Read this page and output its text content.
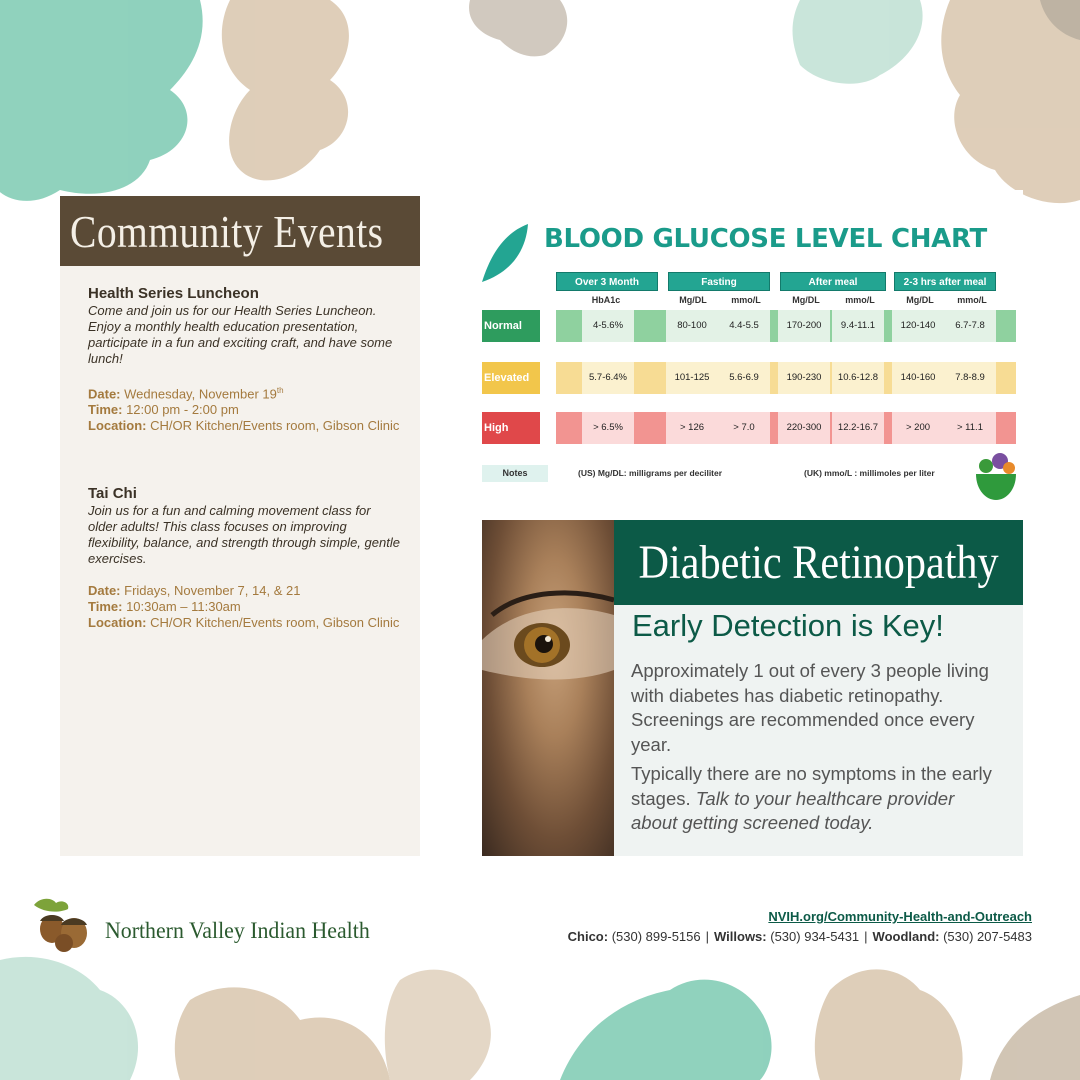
Community Events
Health Series Luncheon

Come and join us for our Health Series Luncheon. Enjoy a monthly health education presentation, participate in a fun and exciting craft, and have some lunch!

Date: Wednesday, November 19th
Time: 12:00 pm - 2:00 pm
Location: CH/OR Kitchen/Events room, Gibson Clinic
Tai Chi

Join us for a fun and calming movement class for older adults! This class focuses on improving flexibility, balance, and strength through simple, gentle exercises.

Date: Fridays, November 7, 14, & 21
Time: 10:30am – 11:30am
Location: CH/OR Kitchen/Events room, Gibson Clinic
BLOOD GLUCOSE LEVEL CHART
Over 3 Month	Fasting	After meal	2-3 hrs after meal
HbA1c	Mg/DL	mmo/L	Mg/DL	mmo/L	Mg/DL	mmo/L
Normal	4-5.6%	80-100	4.4-5.5	170-200	9.4-11.1	120-140	6.7-7.8
Elevated	5.7-6.4%	101-125	5.6-6.9	190-230	10.6-12.8	140-160	7.8-8.9
High	> 6.5%	> 126	> 7.0	220-300	12.2-16.7	> 200	> 11.1
Notes	(US) Mg/DL: milligrams per deciliter	(UK) mmo/L : millimoles per liter
Diabetic Retinopathy
Early Detection is Key!

Approximately 1 out of every 3 people living with diabetes has diabetic retinopathy. Screenings are recommended once every year.

Typically there are no symptoms in the early stages. Talk to your healthcare provider about getting screened today.

Northern Valley Indian Health
NVIH.org/Community-Health-and-Outreach
Chico: (530) 899-5156 | Willows: (530) 934-5431 | Woodland: (530) 207-5483
